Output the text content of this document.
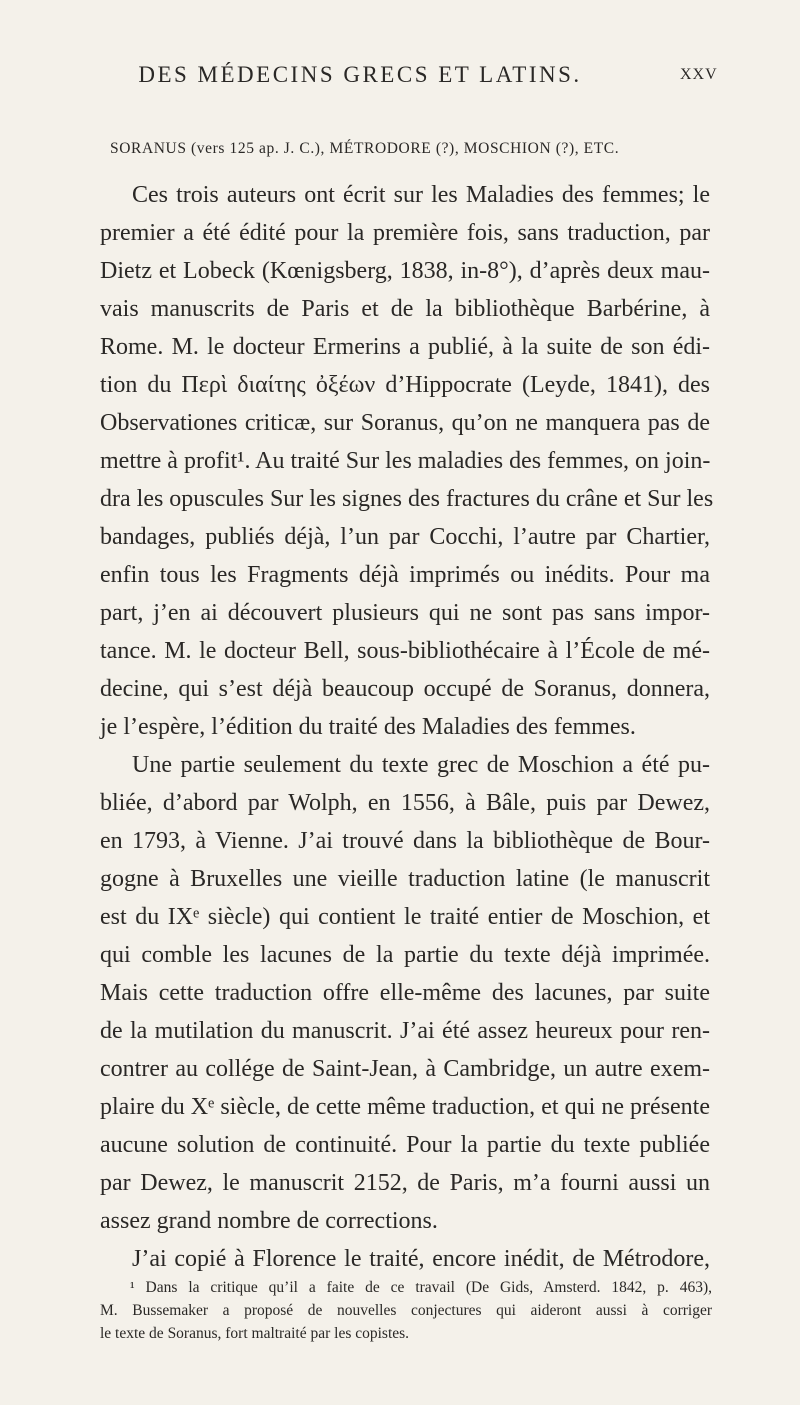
DES MÉDECINS GRECS ET LATINS.	XXV
SORANUS (vers 125 ap. J. C.), MÉTRODORE (?), MOSCHION (?), ETC.
Ces trois auteurs ont écrit sur les Maladies des femmes; le
premier a été édité pour la première fois, sans traduction, par
Dietz et Lobeck (Kœnigsberg, 1838, in-8°), d’après deux mau-
vais manuscrits de Paris et de la bibliothèque Barbérine, à
Rome. M. le docteur Ermerins a publié, à la suite de son édi-
tion du Περὶ διαίτης ὀξέων d’Hippocrate (Leyde, 1841), des
Observationes criticæ, sur Soranus, qu’on ne manquera pas de
mettre à profit¹. Au traité Sur les maladies des femmes, on join-
dra les opuscules Sur les signes des fractures du crâne et Sur les
bandages, publiés déjà, l’un par Cocchi, l’autre par Chartier,
enfin tous les Fragments déjà imprimés ou inédits. Pour ma
part, j’en ai découvert plusieurs qui ne sont pas sans impor-
tance. M. le docteur Bell, sous-bibliothécaire à l’École de mé-
decine, qui s’est déjà beaucoup occupé de Soranus, donnera,
je l’espère, l’édition du traité des Maladies des femmes.
Une partie seulement du texte grec de Moschion a été pu-
bliée, d’abord par Wolph, en 1556, à Bâle, puis par Dewez,
en 1793, à Vienne. J’ai trouvé dans la bibliothèque de Bour-
gogne à Bruxelles une vieille traduction latine (le manuscrit
est du IXᵉ siècle) qui contient le traité entier de Moschion, et
qui comble les lacunes de la partie du texte déjà imprimée.
Mais cette traduction offre elle-même des lacunes, par suite
de la mutilation du manuscrit. J’ai été assez heureux pour ren-
contrer au collége de Saint-Jean, à Cambridge, un autre exem-
plaire du Xᵉ siècle, de cette même traduction, et qui ne présente
aucune solution de continuité. Pour la partie du texte publiée
par Dewez, le manuscrit 2152, de Paris, m’a fourni aussi un
assez grand nombre de corrections.
J’ai copié à Florence le traité, encore inédit, de Métrodore,
¹ Dans la critique qu’il a faite de ce travail (De Gids, Amsterd. 1842, p. 463),
M. Bussemaker a proposé de nouvelles conjectures qui aideront aussi à corriger
le texte de Soranus, fort maltraité par les copistes.
